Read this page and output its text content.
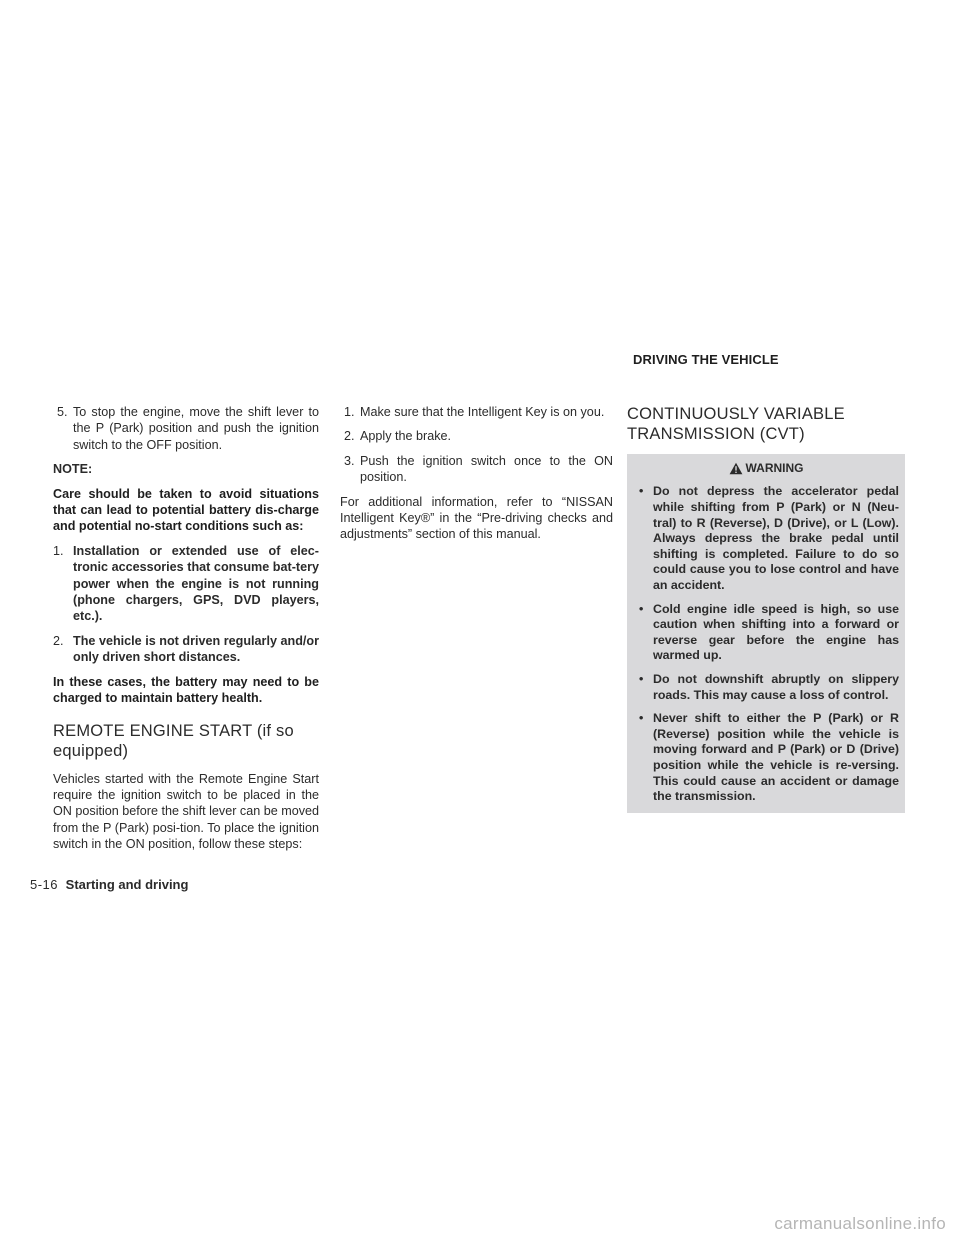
DRIVING THE VEHICLE
5. To stop the engine, move the shift lever to the P (Park) position and push the ignition switch to the OFF position.
NOTE:

Care should be taken to avoid situations that can lead to potential battery dis-charge and potential no-start conditions such as:

1. Installation or extended use of elec-tronic accessories that consume bat-tery power when the engine is not running (phone chargers, GPS, DVD players, etc.).
2. The vehicle is not driven regularly and/or only driven short distances.

In these cases, the battery may need to be charged to maintain battery health.

REMOTE ENGINE START (if so equipped)

Vehicles started with the Remote Engine Start require the ignition switch to be placed in the ON position before the shift lever can be moved from the P (Park) posi-tion. To place the ignition switch in the ON position, follow these steps:

1. Make sure that the Intelligent Key is on you.
2. Apply the brake.
3. Push the ignition switch once to the ON position.

For additional information, refer to “NISSAN Intelligent Key®” in the “Pre-driving checks and adjustments” section of this manual.

CONTINUOUSLY VARIABLE TRANSMISSION (CVT)
WARNING
• Do not depress the accelerator pedal while shifting from P (Park) or N (Neu-tral) to R (Reverse), D (Drive), or L (Low). Always depress the brake pedal until shifting is completed. Failure to do so could cause you to lose control and have an accident.
• Cold engine idle speed is high, so use caution when shifting into a forward or reverse gear before the engine has warmed up.
• Do not downshift abruptly on slippery roads. This may cause a loss of control.
• Never shift to either the P (Park) or R (Reverse) position while the vehicle is moving forward and P (Park) or D (Drive) position while the vehicle is re-versing. This could cause an accident or damage the transmission.
5-16 Starting and driving
carmanualsonline.info
